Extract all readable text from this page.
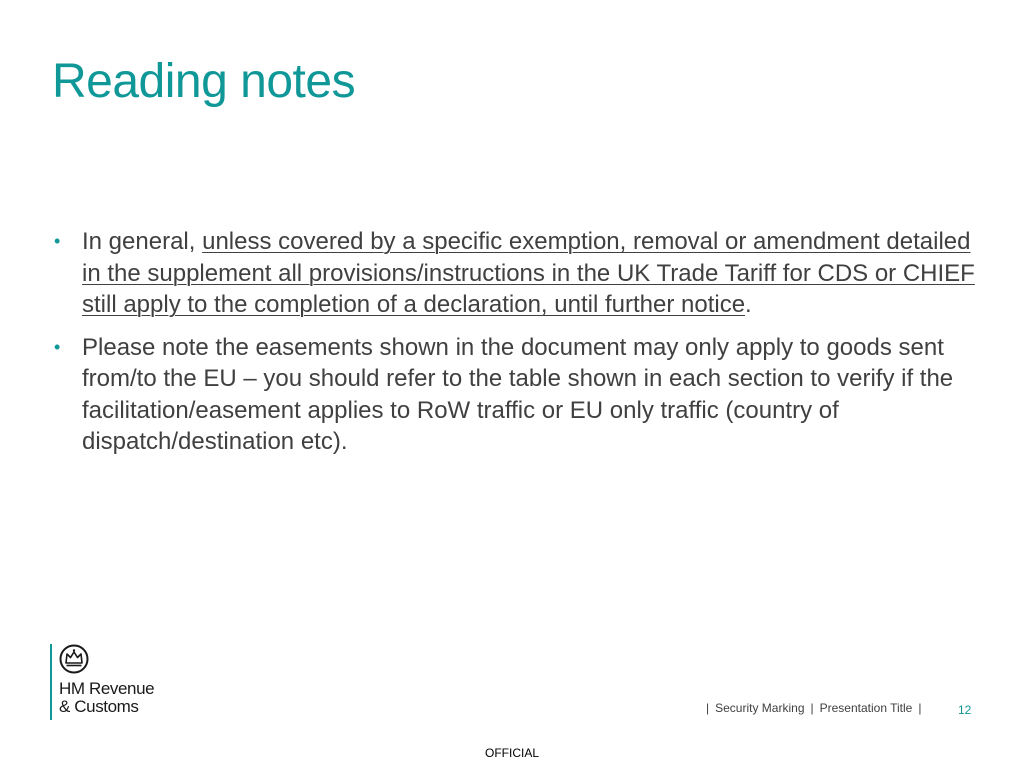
Reading notes
• In general, unless covered by a specific exemption, removal or amendment detailed in the supplement all provisions/instructions in the UK Trade Tariff for CDS or CHIEF still apply to the completion of a declaration, until further notice.
• Please note the easements shown in the document may only apply to goods sent from/to the EU – you should refer to the table shown in each section to verify if the facilitation/easement applies to RoW traffic or EU only traffic (country of dispatch/destination etc).
HM Revenue
& Customs	| Security Marking | Presentation Title |	12
OFFICIAL
